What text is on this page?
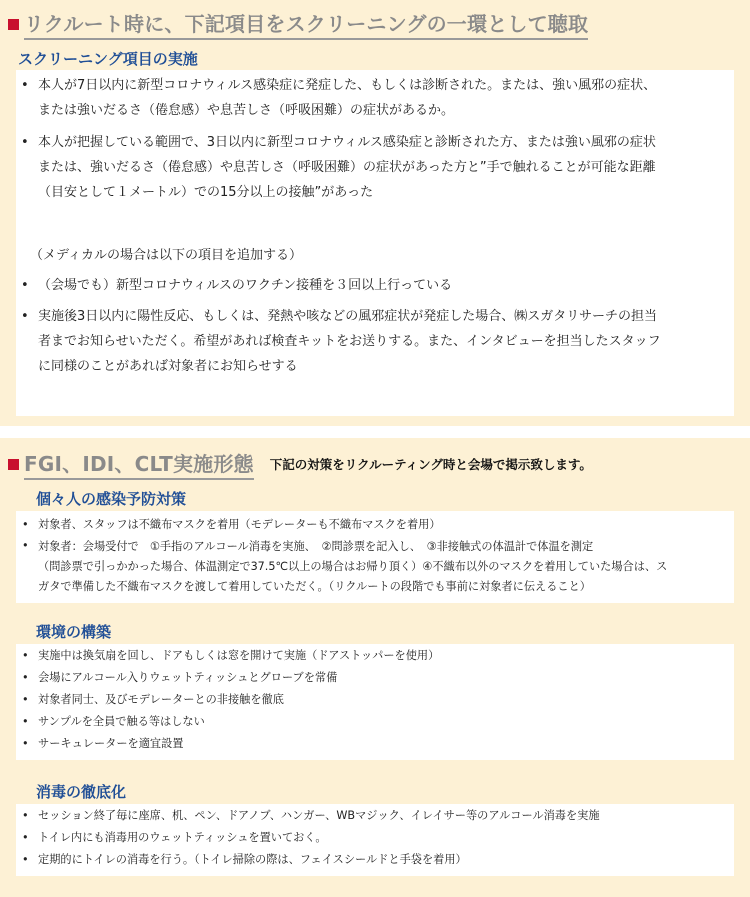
リクルート時に、下記項目をスクリーニングの一環として聴取
スクリーニング項目の実施
• 本人が7日以内に新型コロナウィルス感染症に発症した、もしくは診断された。または、強い風邪の症状、
または強いだるさ（倦怠感）や息苦しさ（呼吸困難）の症状があるか。
• 本人が把握している範囲で、3日以内に新型コロナウィルス感染症と診断された方、または強い風邪の症状
または、強いだるさ（倦怠感）や息苦しさ（呼吸困難）の症状があった方と”手で触れることが可能な距離
（目安として１メートル）での15分以上の接触”があった
（メディカルの場合は以下の項目を追加する）
• （会場でも）新型コロナウィルスのワクチン接種を３回以上行っている
• 実施後3日以内に陽性反応、もしくは、発熱や咳などの風邪症状が発症した場合、㈱スガタリサーチの担当
者までお知らせいただく。希望があれば検査キットをお送りする。また、インタビューを担当したスタッフ
に同様のことがあれば対象者にお知らせする
FGI、IDI、CLT実施形態 下記の対策をリクルーティング時と会場で掲示致します。
個々人の感染予防対策
• 対象者、スタッフは不織布マスクを着用（モデレーターも不織布マスクを着用）
• 対象者：会場受付で　①手指のアルコール消毒を実施、　②問診票を記入し、　③非接触式の体温計で体温を測定
（問診票で引っかかった場合、体温測定で37.5℃以上の場合はお帰り頂く）④不織布以外のマスクを着用していた場合は、ス
ガタで準備した不織布マスクを渡して着用していただく。（リクルートの段階でも事前に対象者に伝えること）
環境の構築
• 実施中は換気扇を回し、ドアもしくは窓を開けて実施（ドアストッパーを使用）
• 会場にアルコール入りウェットティッシュとグローブを常備
• 対象者同士、及びモデレーターとの非接触を徹底
• サンプルを全員で触る等はしない
• サーキュレーターを適宜設置
消毒の徹底化
• セッション終了毎に座席、机、ペン、ドアノブ、ハンガー、WBマジック、イレイサー等のアルコール消毒を実施
• トイレ内にも消毒用のウェットティッシュを置いておく。
• 定期的にトイレの消毒を行う。（トイレ掃除の際は、フェイスシールドと手袋を着用）
